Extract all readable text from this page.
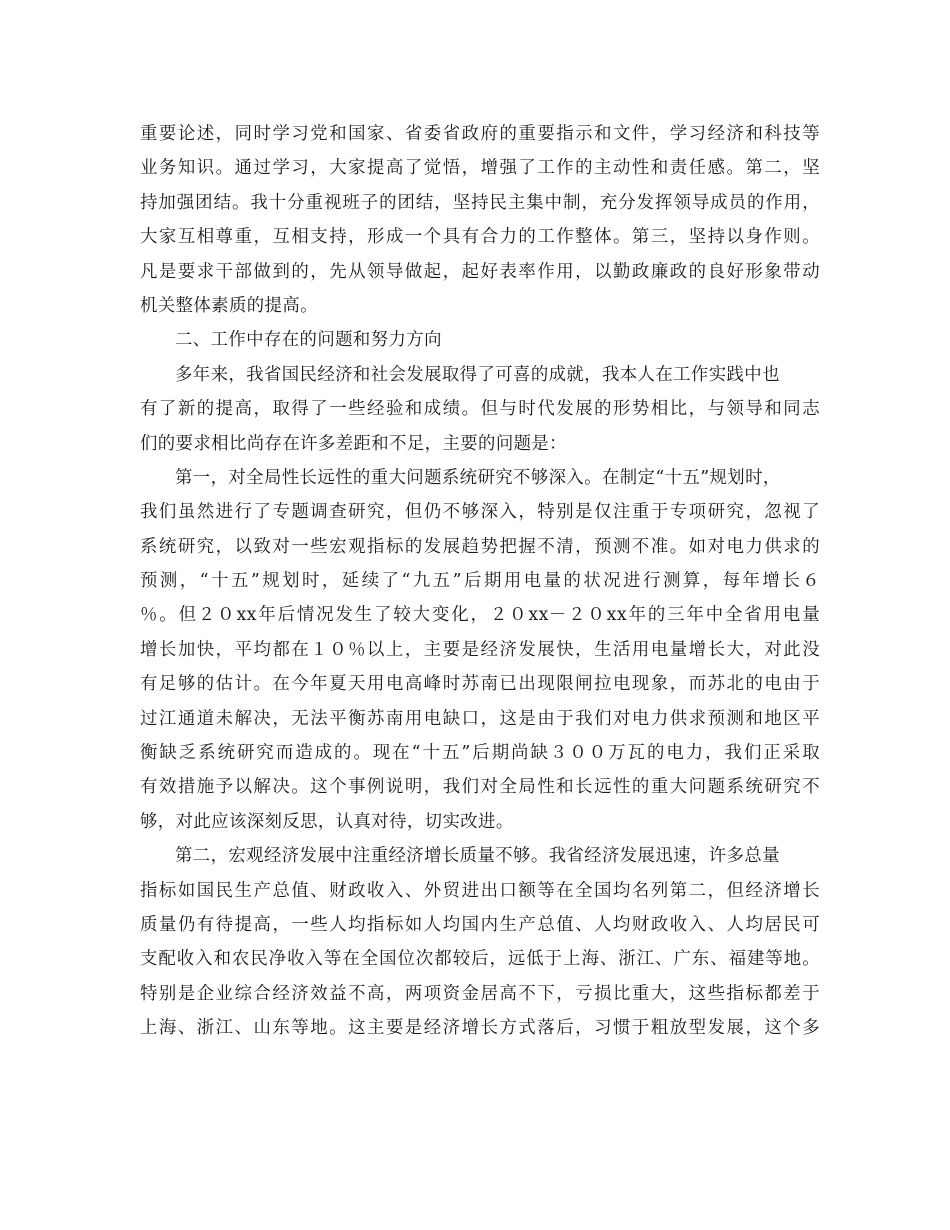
重要论述，同时学习党和国家、省委省政府的重要指示和文件，学习经济和科技等
业务知识。通过学习，大家提高了觉悟，增强了工作的主动性和责任感。第二，坚
持加强团结。我十分重视班子的团结，坚持民主集中制，充分发挥领导成员的作用，
大家互相尊重，互相支持，形成一个具有合力的工作整体。第三，坚持以身作则。
凡是要求干部做到的，先从领导做起，起好表率作用，以勤政廉政的良好形象带动
机关整体素质的提高。
二、工作中存在的问题和努力方向
多年来，我省国民经济和社会发展取得了可喜的成就，我本人在工作实践中也
有了新的提高，取得了一些经验和成绩。但与时代发展的形势相比，与领导和同志
们的要求相比尚存在许多差距和不足，主要的问题是：
第一，对全局性长远性的重大问题系统研究不够深入。在制定“十五”规划时，
我们虽然进行了专题调查研究，但仍不够深入，特别是仅注重于专项研究，忽视了
系统研究，以致对一些宏观指标的发展趋势把握不清，预测不准。如对电力供求的
预测，“十五”规划时，延续了“九五”后期用电量的状况进行测算，每年增长６
％。但２０xx年后情况发生了较大变化，２０xx－２０xx年的三年中全省用电量
增长加快，平均都在１０％以上，主要是经济发展快，生活用电量增长大，对此没
有足够的估计。在今年夏天用电高峰时苏南已出现限闸拉电现象，而苏北的电由于
过江通道未解决，无法平衡苏南用电缺口，这是由于我们对电力供求预测和地区平
衡缺乏系统研究而造成的。现在“十五”后期尚缺３００万瓦的电力，我们正采取
有效措施予以解决。这个事例说明，我们对全局性和长远性的重大问题系统研究不
够，对此应该深刻反思，认真对待，切实改进。
第二，宏观经济发展中注重经济增长质量不够。我省经济发展迅速，许多总量
指标如国民生产总值、财政收入、外贸进出口额等在全国均名列第二，但经济增长
质量仍有待提高，一些人均指标如人均国内生产总值、人均财政收入、人均居民可
支配收入和农民净收入等在全国位次都较后，远低于上海、浙江、广东、福建等地。
特别是企业综合经济效益不高，两项资金居高不下，亏损比重大，这些指标都差于
上海、浙江、山东等地。这主要是经济增长方式落后，习惯于粗放型发展，这个多
